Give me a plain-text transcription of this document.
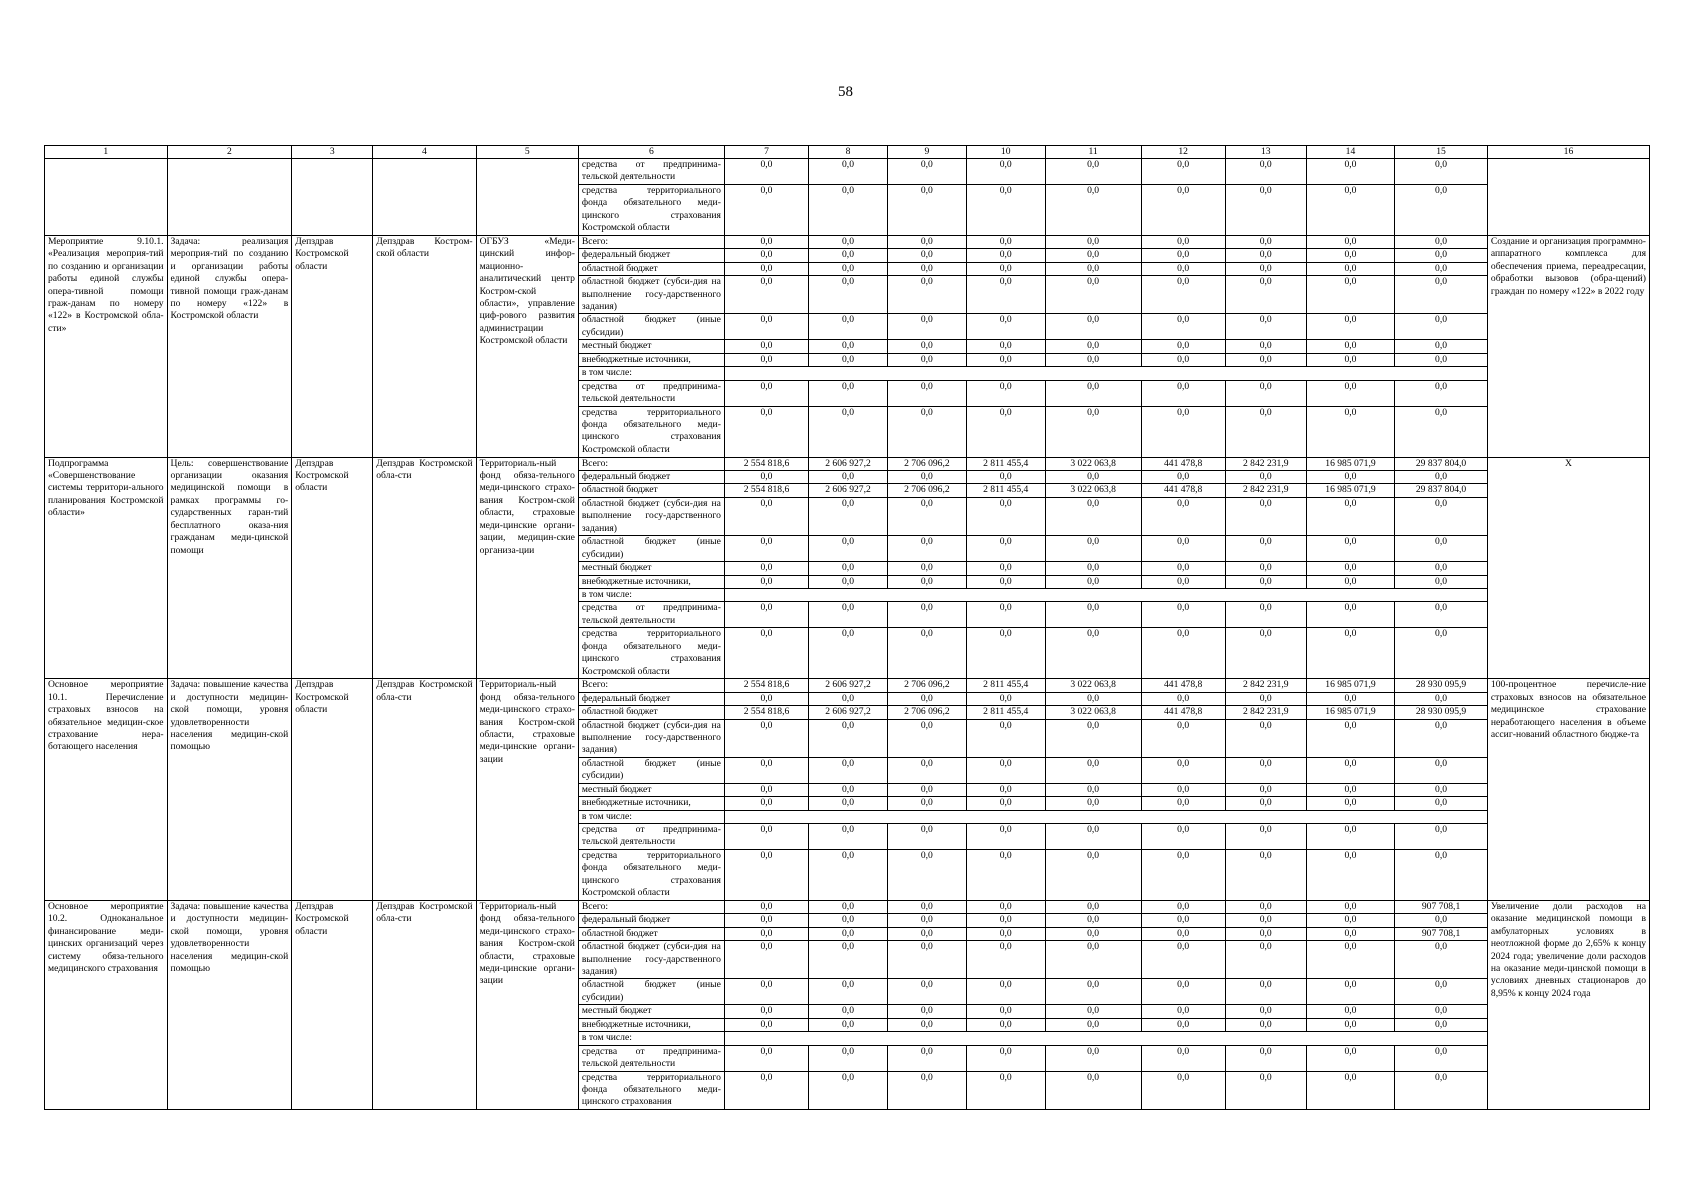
58
1	2	3	4	5	6	7	8	9	10	11	12	13	14	15	16
					средства от предпринима-тельской деятельности	0,0	0,0	0,0	0,0	0,0	0,0	0,0	0,0	0,0	
					средства территориального фонда обязательного меди-цинского страхования Костромской области	0,0	0,0	0,0	0,0	0,0	0,0	0,0	0,0	0,0	
Мероприятие 9.10.1. «Реализация мероприя-тий по созданию и организации работы единой службы опера-тивной помощи граж-данам по номеру «122» в Костромской обла-сти»	Задача: реализация мероприя-тий по созданию и организации работы единой службы опера-тивной помощи граж-данам по номеру «122» в Костромской области	Депздрав Костромской области	Депздрав Костром-ской области	ОГБУЗ «Меди-цинский инфор-мационно-аналитический центр Костром-ской области», управление циф-рового развития администрации Костромской области	Всего:	0,0	0,0	0,0	0,0	0,0	0,0	0,0	0,0	0,0	Создание и организация программно-аппаратного комплекса для обеспечения приема, переадресации, обработки вызовов (обра-щений) граждан по номеру «122» в 2022 году
					федеральный бюджет	0,0	0,0	0,0	0,0	0,0	0,0	0,0	0,0	0,0	
					областной бюджет	0,0	0,0	0,0	0,0	0,0	0,0	0,0	0,0	0,0	
					областной бюджет (субси-дия на выполнение госу-дарственного задания)	0,0	0,0	0,0	0,0	0,0	0,0	0,0	0,0	0,0	
					областной бюджет (иные субсидии)	0,0	0,0	0,0	0,0	0,0	0,0	0,0	0,0	0,0	
					местный бюджет	0,0	0,0	0,0	0,0	0,0	0,0	0,0	0,0	0,0	
					внебюджетные источники,	0,0	0,0	0,0	0,0	0,0	0,0	0,0	0,0	0,0	
					в том числе:										
					средства от предпринима-тельской деятельности	0,0	0,0	0,0	0,0	0,0	0,0	0,0	0,0	0,0	
					средства территориального фонда обязательного меди-цинского страхования Костромской области	0,0	0,0	0,0	0,0	0,0	0,0	0,0	0,0	0,0	
Подпрограмма «Совершенствование системы территори-ального планирования Костромской области»	Цель: совершенствование организации оказания медицинской помощи в рамках программы го-сударственных гаран-тий бесплатного оказа-ния гражданам меди-цинской помощи	Депздрав Костромской области	Депздрав Костромской обла-сти	Территориаль-ный фонд обяза-тельного меди-цинского страхо-вания Костром-ской области, страховые меди-цинские органи-зации, медицин-ские организа-ции	Всего:	2 554 818,6	2 606 927,2	2 706 096,2	2 811 455,4	3 022 063,8	441 478,8	2 842 231,9	16 985 071,9	29 837 804,0	Х
					федеральный бюджет	0,0	0,0	0,0	0,0	0,0	0,0	0,0	0,0	0,0	
					областной бюджет	2 554 818,6	2 606 927,2	2 706 096,2	2 811 455,4	3 022 063,8	441 478,8	2 842 231,9	16 985 071,9	29 837 804,0	
					областной бюджет (субси-дия на выполнение госу-дарственного задания)	0,0	0,0	0,0	0,0	0,0	0,0	0,0	0,0	0,0	
					областной бюджет (иные субсидии)	0,0	0,0	0,0	0,0	0,0	0,0	0,0	0,0	0,0	
					местный бюджет	0,0	0,0	0,0	0,0	0,0	0,0	0,0	0,0	0,0	
					внебюджетные источники,	0,0	0,0	0,0	0,0	0,0	0,0	0,0	0,0	0,0	
					в том числе:										
					средства от предпринима-тельской деятельности	0,0	0,0	0,0	0,0	0,0	0,0	0,0	0,0	0,0	
					средства территориального фонда обязательного меди-цинского страхования Костромской области	0,0	0,0	0,0	0,0	0,0	0,0	0,0	0,0	0,0	
Основное мероприятие 10.1. Перечисление страховых взносов на обязательное медицин-ское страхование нера-ботающего населения	Задача: повышение качества и доступности медицин-ской помощи, уровня удовлетворенности населения медицин-ской помощью	Депздрав Костромской области	Депздрав Костромской обла-сти	Территориаль-ный фонд обяза-тельного меди-цинского страхо-вания Костром-ской области, страховые меди-цинские органи-зации	Всего:	2 554 818,6	2 606 927,2	2 706 096,2	2 811 455,4	3 022 063,8	441 478,8	2 842 231,9	16 985 071,9	28 930 095,9	100-процентное перечисле-ние страховых взносов на обязательное медицинское страхование неработающего населения в объеме ассиг-нований областного бюдже-та
					федеральный бюджет	0,0	0,0	0,0	0,0	0,0	0,0	0,0	0,0	0,0	
					областной бюджет	2 554 818,6	2 606 927,2	2 706 096,2	2 811 455,4	3 022 063,8	441 478,8	2 842 231,9	16 985 071,9	28 930 095,9	
					областной бюджет (субси-дия на выполнение госу-дарственного задания)	0,0	0,0	0,0	0,0	0,0	0,0	0,0	0,0	0,0	
					областной бюджет (иные субсидии)	0,0	0,0	0,0	0,0	0,0	0,0	0,0	0,0	0,0	
					местный бюджет	0,0	0,0	0,0	0,0	0,0	0,0	0,0	0,0	0,0	
					внебюджетные источники,	0,0	0,0	0,0	0,0	0,0	0,0	0,0	0,0	0,0	
					в том числе:										
					средства от предпринима-тельской деятельности	0,0	0,0	0,0	0,0	0,0	0,0	0,0	0,0	0,0	
					средства территориального фонда обязательного меди-цинского страхования Костромской области	0,0	0,0	0,0	0,0	0,0	0,0	0,0	0,0	0,0	
Основное мероприятие 10.2. Одноканальное финансирование меди-цинских организаций через систему обяза-тельного медицинского страхования	Задача: повышение качества и доступности медицин-ской помощи, уровня удовлетворенности населения медицин-ской помощью	Депздрав Костромской области	Депздрав Костромской обла-сти	Территориаль-ный фонд обяза-тельного меди-цинского страхо-вания Костром-ской области, страховые меди-цинские органи-зации	Всего:	0,0	0,0	0,0	0,0	0,0	0,0	0,0	0,0	907 708,1	Увеличение доли расходов на оказание медицинской помощи в амбулаторных условиях в неотложной форме до 2,65% к концу 2024 года; увеличение доли расходов на оказание меди-цинской помощи в условиях дневных стационаров до 8,95% к концу 2024 года
					федеральный бюджет	0,0	0,0	0,0	0,0	0,0	0,0	0,0	0,0	0,0	
					областной бюджет	0,0	0,0	0,0	0,0	0,0	0,0	0,0	0,0	907 708,1	
					областной бюджет (субси-дия на выполнение госу-дарственного задания)	0,0	0,0	0,0	0,0	0,0	0,0	0,0	0,0	0,0	
					областной бюджет (иные субсидии)	0,0	0,0	0,0	0,0	0,0	0,0	0,0	0,0	0,0	
					местный бюджет	0,0	0,0	0,0	0,0	0,0	0,0	0,0	0,0	0,0	
					внебюджетные источники,	0,0	0,0	0,0	0,0	0,0	0,0	0,0	0,0	0,0	
					в том числе:										
					средства от предпринима-тельской деятельности	0,0	0,0	0,0	0,0	0,0	0,0	0,0	0,0	0,0	
					средства территориального фонда обязательного меди-цинского страхования	0,0	0,0	0,0	0,0	0,0	0,0	0,0	0,0	0,0	
